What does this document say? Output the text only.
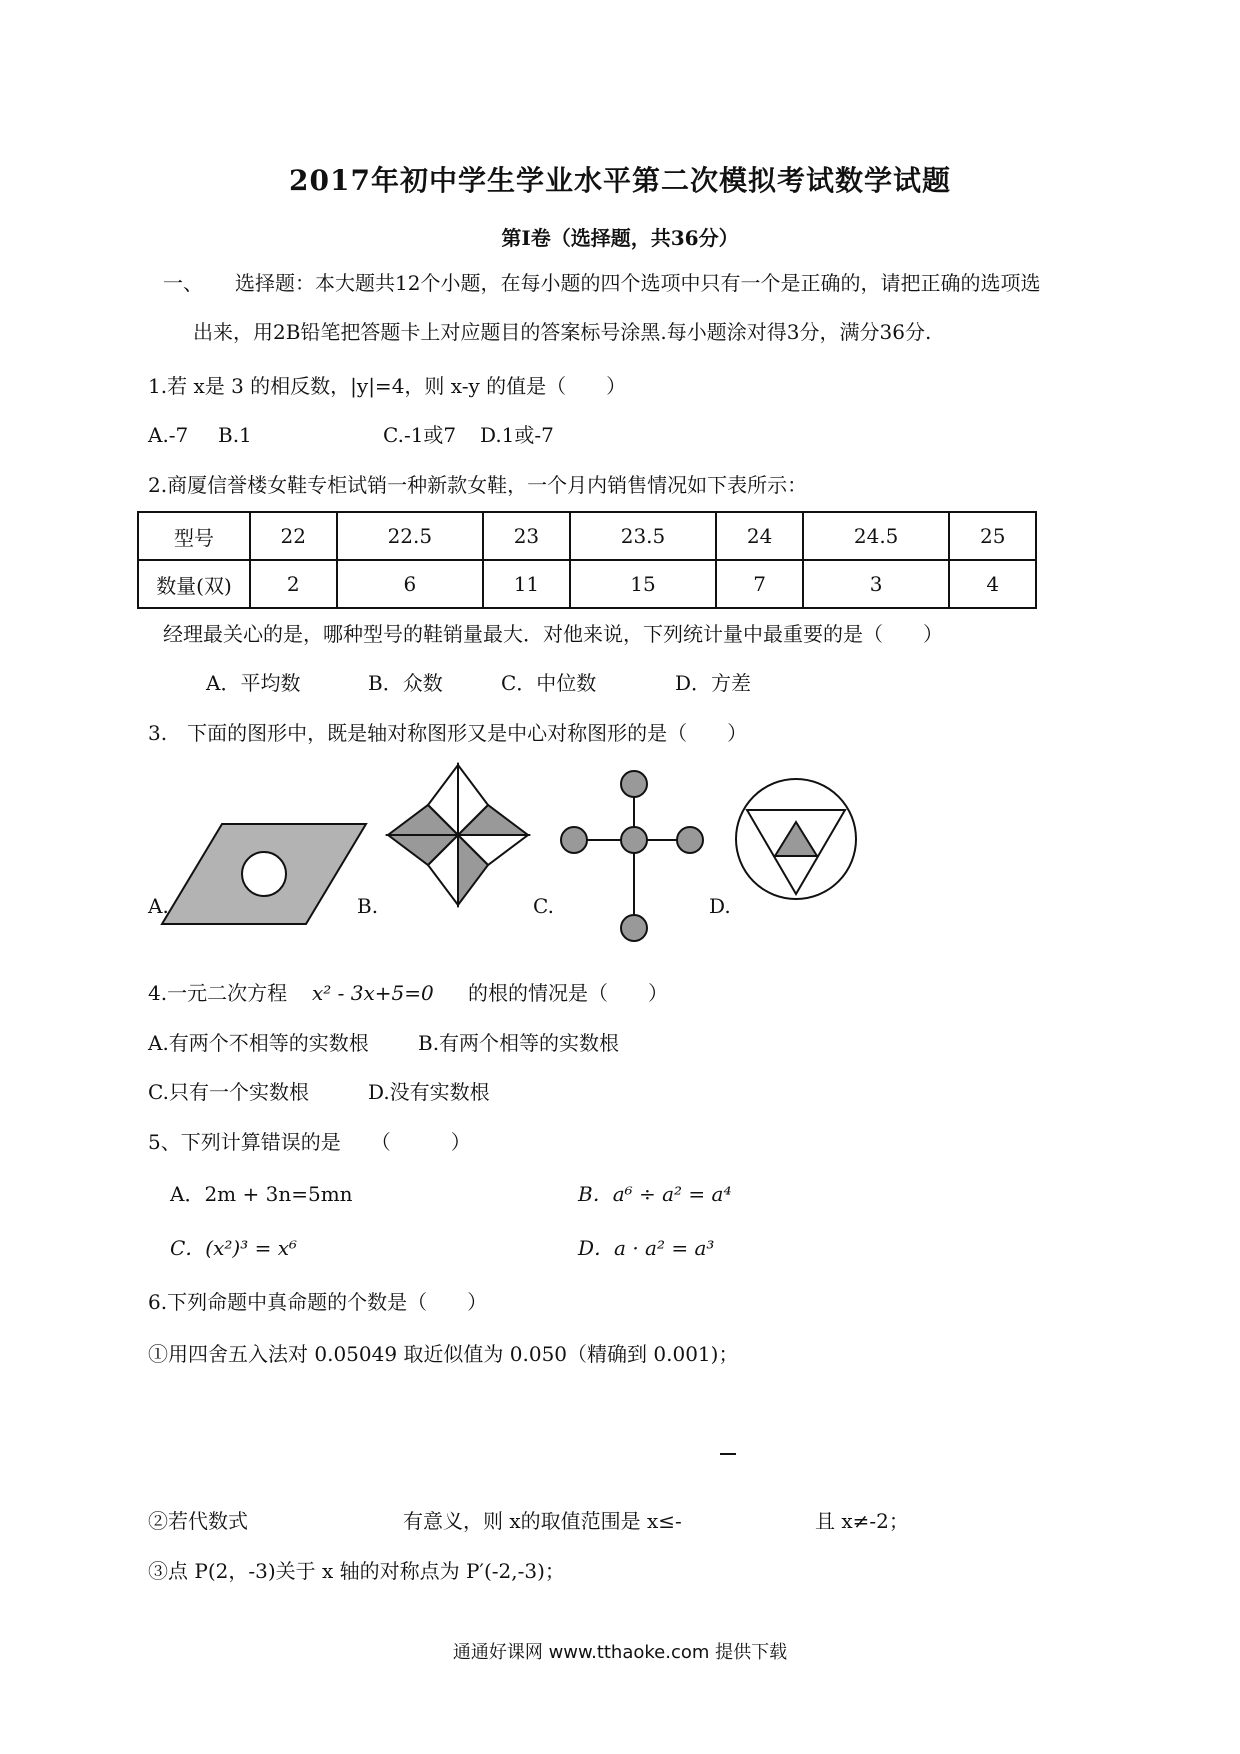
2017年初中学生学业水平第二次模拟考试数学试题
第Ⅰ卷（选择题，共36分）
一、 选择题：本大题共12个小题，在每小题的四个选项中只有一个是正确的，请把正确的选项选
出来，用2B铅笔把答题卡上对应题目的答案标号涂黑.每小题涂对得3分，满分36分.
1.若 x是 3 的相反数，|y|=4，则 x-y 的值是（　　）
A.-7 B.1	C.-1或7 D.1或-7
2.商厦信誉楼女鞋专柜试销一种新款女鞋，一个月内销售情况如下表所示：
型号	22	22.5	23	23.5	24	24.5	25
数量(双)	2	6	11	15	7	3	4
经理最关心的是，哪种型号的鞋销量最大．对他来说，下列统计量中最重要的是（　　）
A．平均数	B．众数	C．中位数	D．方差
3.　下面的图形中，既是轴对称图形又是中心对称图形的是（　　）
A.	B.	C.	D.
4.一元二次方程 x² - 3x+5=0 的根的情况是（　　）
A.有两个不相等的实数根 B.有两个相等的实数根
C.只有一个实数根	D.没有实数根
5、下列计算错误的是　　（　　　）
A．2m + 3n=5mn	B．a⁶ ÷ a² = a⁴
C．(x²)³ = x⁶	D．a · a² = a³
6.下列命题中真命题的个数是（　　）
①用四舍五入法对 0.05049 取近似值为 0.050（精确到 0.001)；
②若代数式	有意义，则 x的取值范围是 x≤-	且 x≠-2；
③点 P(2，-3)关于 x 轴的对称点为 P′(-2,-3)；
通通好课网 www.tthaoke.com 提供下载
